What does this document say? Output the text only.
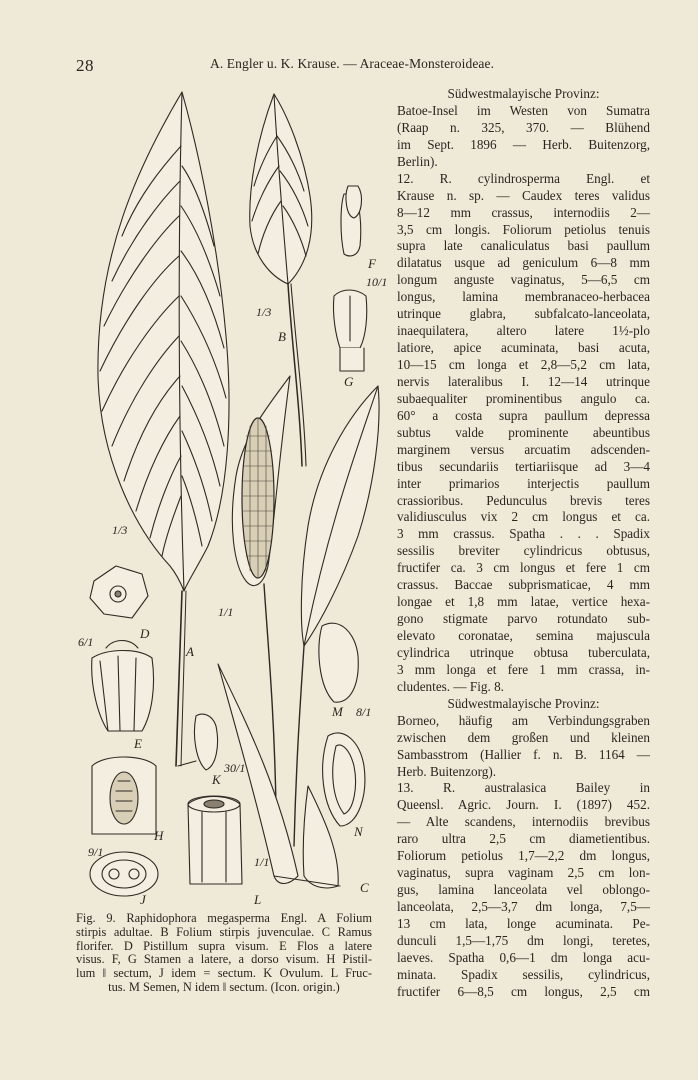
28	A. Engler u. K. Krause. — Araceae-Monsteroideae.
A
B
C
D
E
F
G
H
J
K
L
M
N
1/3
1/3
1/1
6/1
10/1
30/1
1/1
8/1
9/1
Fig. 9. Raphidophora megasperma Engl. A Folium
stirpis adultae. B Folium stirpis juvenculae. C Ramus
florifer. D Pistillum supra visum. E Flos a latere
visus. F, G Stamen a latere, a dorso visum. H Pistil-
lum ‖ sectum, J idem = sectum. K Ovulum. L Fruc-
tus. M Semen, N idem ‖ sectum. (Icon. origin.)
Südwestmalayische Provinz:
Batoe-Insel im Westen von Sumatra
(Raap n. 325, 370. — Blühend
im Sept. 1896 — Herb. Buitenzorg,
Berlin).
12. R. cylindrosperma Engl. et
Krause n. sp. — Caudex teres validus
8—12 mm crassus, internodiis 2—
3,5 cm longis. Foliorum petiolus tenuis
supra late canaliculatus basi paullum
dilatatus usque ad geniculum 6—8 mm
longum anguste vaginatus, 5—6,5 cm
longus, lamina membranaceo-herbacea
utrinque glabra, subfalcato-lanceolata,
inaequilatera, altero latere 1½-plo
latiore, apice acuminata, basi acuta,
10—15 cm longa et 2,8—5,2 cm lata,
nervis lateralibus I. 12—14 utrinque
subaequaliter prominentibus angulo ca.
60° a costa supra paullum depressa
subtus valde prominente abeuntibus
marginem versus arcuatim adscenden-
tibus secundariis tertiariisque ad 3—4
inter primarios interjectis paullum
crassioribus. Pedunculus brevis teres
validiusculus vix 2 cm longus et ca.
3 mm crassus. Spatha . . . Spadix
sessilis breviter cylindricus obtusus,
fructifer ca. 3 cm longus et fere 1 cm
crassus. Baccae subprismaticae, 4 mm
longae et 1,8 mm latae, vertice hexa-
gono stigmate parvo rotundato sub-
elevato coronatae, semina majuscula
cylindrica utrinque obtusa tuberculata,
3 mm longa et fere 1 mm crassa, in-
cludentes. — Fig. 8.
Südwestmalayische Provinz:
Borneo, häufig am Verbindungsgraben
zwischen dem großen und kleinen
Sambasstrom (Hallier f. n. B. 1164 —
Herb. Buitenzorg).
13. R. australasica Bailey in
Queensl. Agric. Journ. I. (1897) 452.
— Alte scandens, internodiis brevibus
raro ultra 2,5 cm diametientibus.
Foliorum petiolus 1,7—2,2 dm longus,
vaginatus, supra vaginam 2,5 cm lon-
gus, lamina lanceolata vel oblongo-
lanceolata, 2,5—3,7 dm longa, 7,5—
13 cm lata, longe acuminata. Pe-
dunculi 1,5—1,75 dm longi, teretes,
laeves. Spatha 0,6—1 dm longa acu-
minata. Spadix sessilis, cylindricus,
fructifer 6—8,5 cm longus, 2,5 cm
